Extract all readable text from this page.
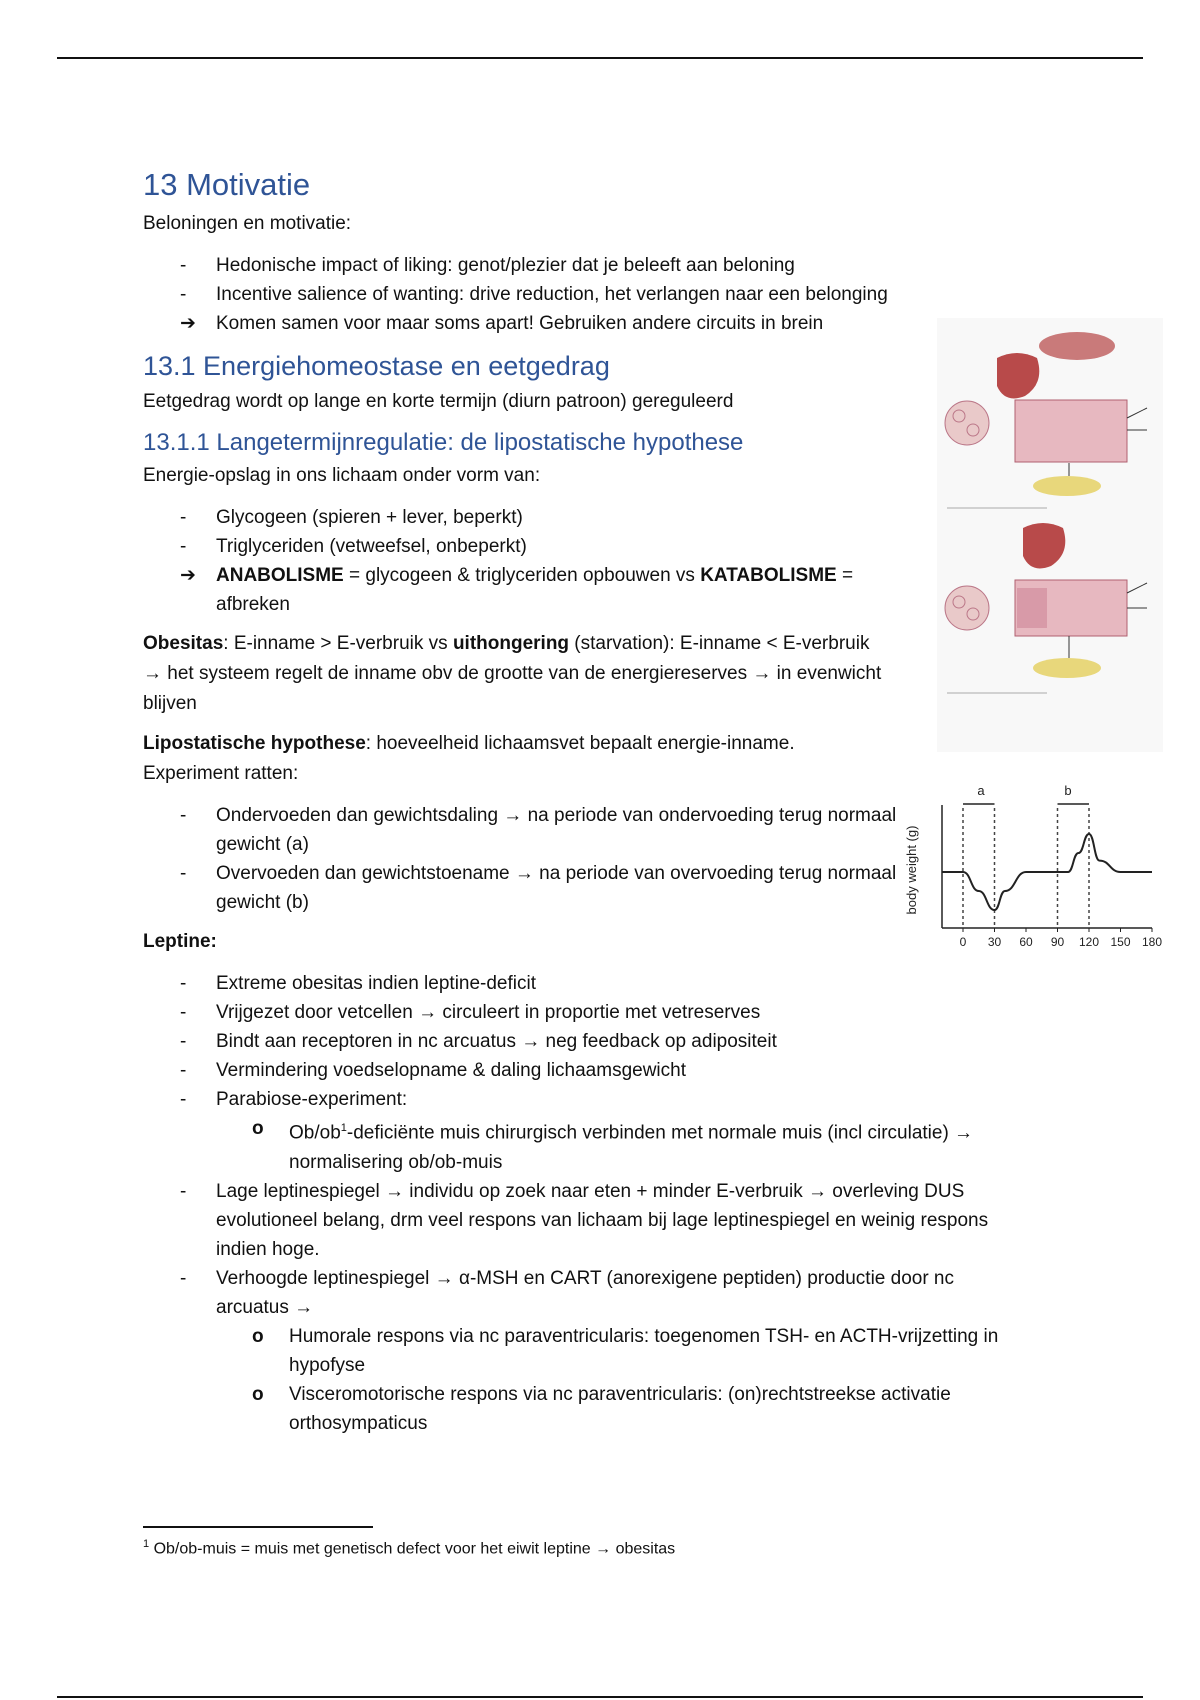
13 Motivatie

Beloningen en motivatie:

- Hedonische impact of liking: genot/plezier dat je beleeft aan beloning
- Incentive salience of wanting: drive reduction, het verlangen naar een belonging
➔ Komen samen voor maar soms apart! Gebruiken andere circuits in brein
13.1 Energiehomeostase en eetgedrag

Eetgedrag wordt op lange en korte termijn (diurn patroon) gereguleerd

13.1.1 Langetermijnregulatie: de lipostatische hypothese

Energie-opslag in ons lichaam onder vorm van:

- Glycogeen (spieren + lever, beperkt)
- Triglyceriden (vetweefsel, onbeperkt)
➔ ANABOLISME = glycogeen & triglyceriden opbouwen vs KATABOLISME = afbreken

Obesitas: E-inname > E-verbruik vs uithongering (starvation): E-inname < E-verbruik
→ het systeem regelt de inname obv de grootte van de energiereserves → in evenwicht blijven

Lipostatische hypothese: hoeveelheid lichaamsvet bepaalt energie-inname.
Experiment ratten:

- Ondervoeden dan gewichtsdaling → na periode van ondervoeding terug normaal gewicht (a)
- Overvoeden dan gewichtstoename → na periode van overvoeding terug normaal gewicht (b)

Leptine:

- Extreme obesitas indien leptine-deficit
- Vrijgezet door vetcellen → circuleert in proportie met vetreserves
- Bindt aan receptoren in nc arcuatus → neg feedback op adipositeit
- Vermindering voedselopname & daling lichaamsgewicht
- Parabiose-experiment:
o $Ob/ob^1$-deficiënte muis chirurgisch verbinden met normale muis (incl circulatie) → normalisering ob/ob-muis
- Lage leptinespiegel → individu op zoek naar eten + minder E-verbruik → overleving DUS evolutioneel belang, drm veel respons van lichaam bij lage leptinespiegel en weinig respons indien hoge.
- Verhoogde leptinespiegel → α-MSH en CART (anorexigene peptiden) productie door nc arcuatus →
o Humorale respons via nc paraventricularis: toegenomen TSH- en ACTH-vrijzetting in hypofyse
o Visceromotorische respons via nc paraventricularis: (on)rechtstreekse activatie orthosympaticus
0 30 60 90 120 150 180
body weight (g)
a	b
$^1$ Ob/ob-muis = muis met genetisch defect voor het eiwit leptine → obesitas
